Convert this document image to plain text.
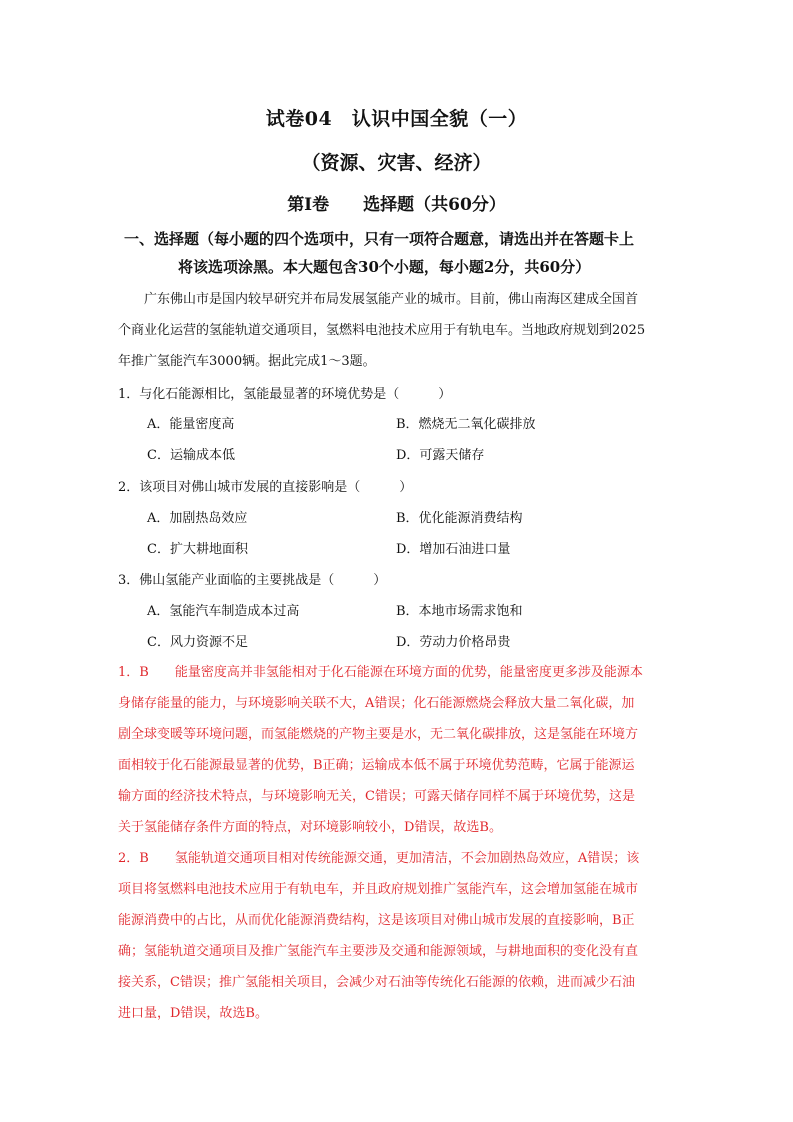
试卷04　认识中国全貌（一）
（资源、灾害、经济）
第Ⅰ卷　　选择题（共60分）
一、选择题（每小题的四个选项中，只有一项符合题意，请选出并在答题卡上
将该选项涂黑。本大题包含30个小题，每小题2分，共60分）
　　广东佛山市是国内较早研究并布局发展氢能产业的城市。目前，佛山南海区建成全国首
个商业化运营的氢能轨道交通项目，氢燃料电池技术应用于有轨电车。当地政府规划到2025
年推广氢能汽车3000辆。据此完成1～3题。
1．与化石能源相比，氢能最显著的环境优势是（　　　）
A．能量密度高	B．燃烧无二氧化碳排放
C．运输成本低	D．可露天储存
2．该项目对佛山城市发展的直接影响是（　　　）
A．加剧热岛效应	B．优化能源消费结构
C．扩大耕地面积	D．增加石油进口量
3．佛山氢能产业面临的主要挑战是（　　　）
A．氢能汽车制造成本过高	B．本地市场需求饱和
C．风力资源不足	D．劳动力价格昂贵
1．B　　能量密度高并非氢能相对于化石能源在环境方面的优势，能量密度更多涉及能源本
身储存能量的能力，与环境影响关联不大，A错误；化石能源燃烧会释放大量二氧化碳，加
剧全球变暖等环境问题，而氢能燃烧的产物主要是水，无二氧化碳排放，这是氢能在环境方
面相较于化石能源最显著的优势，B正确；运输成本低不属于环境优势范畴，它属于能源运
输方面的经济技术特点，与环境影响无关，C错误；可露天储存同样不属于环境优势，这是
关于氢能储存条件方面的特点，对环境影响较小，D错误，故选B。
2．B　　氢能轨道交通项目相对传统能源交通，更加清洁，不会加剧热岛效应，A错误；该
项目将氢燃料电池技术应用于有轨电车，并且政府规划推广氢能汽车，这会增加氢能在城市
能源消费中的占比，从而优化能源消费结构，这是该项目对佛山城市发展的直接影响，B正
确；氢能轨道交通项目及推广氢能汽车主要涉及交通和能源领域，与耕地面积的变化没有直
接关系，C错误；推广氢能相关项目，会减少对石油等传统化石能源的依赖，进而减少石油
进口量，D错误，故选B。
